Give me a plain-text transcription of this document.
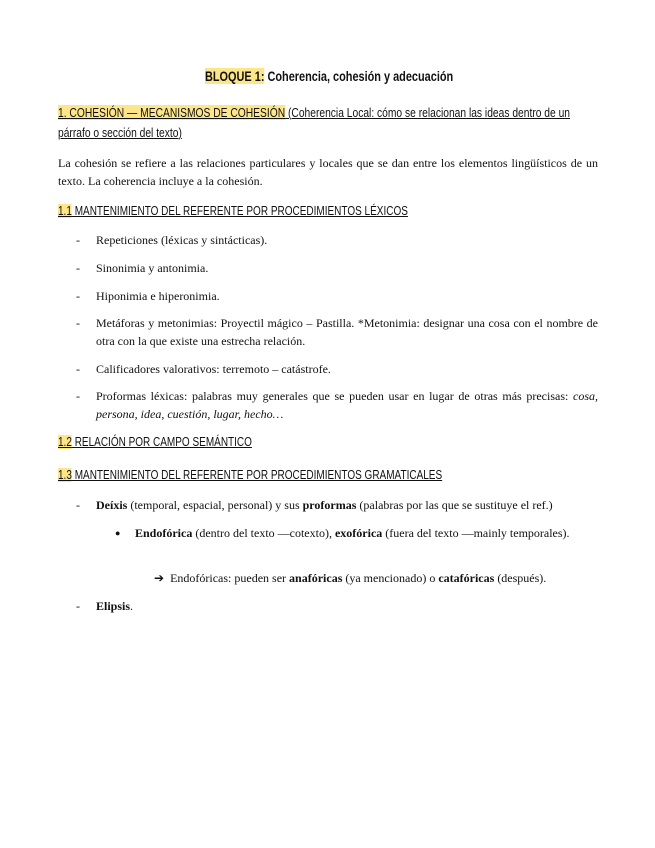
BLOQUE 1: Coherencia, cohesión y adecuación
1. COHESIÓN — MECANISMOS DE COHESIÓN (Coherencia Local: cómo se relacionan las ideas dentro de un párrafo o sección del texto)
La cohesión se refiere a las relaciones particulares y locales que se dan entre los elementos lingüísticos de un texto. La coherencia incluye a la cohesión.
1.1 MANTENIMIENTO DEL REFERENTE POR PROCEDIMIENTOS LÉXICOS
- Repeticiones (léxicas y sintácticas).
- Sinonimia y antonimia.
- Hiponimia e hiperonimia.
- Metáforas y metonimias: Proyectil mágico – Pastilla. *Metonimia: designar una cosa con el nombre de otra con la que existe una estrecha relación.
- Calificadores valorativos: terremoto – catástrofe.
- Proformas léxicas: palabras muy generales que se pueden usar en lugar de otras más precisas: cosa, persona, idea, cuestión, lugar, hecho…
1.2 RELACIÓN POR CAMPO SEMÁNTICO
1.3 MANTENIMIENTO DEL REFERENTE POR PROCEDIMIENTOS GRAMATICALES
- Deíxis (temporal, espacial, personal) y sus proformas (palabras por las que se sustituye el ref.)
● Endofórica (dentro del texto —cotexto), exofórica (fuera del texto —mainly temporales).
➔ Endofóricas: pueden ser anafóricas (ya mencionado) o catafóricas (después).
- Elipsis.
